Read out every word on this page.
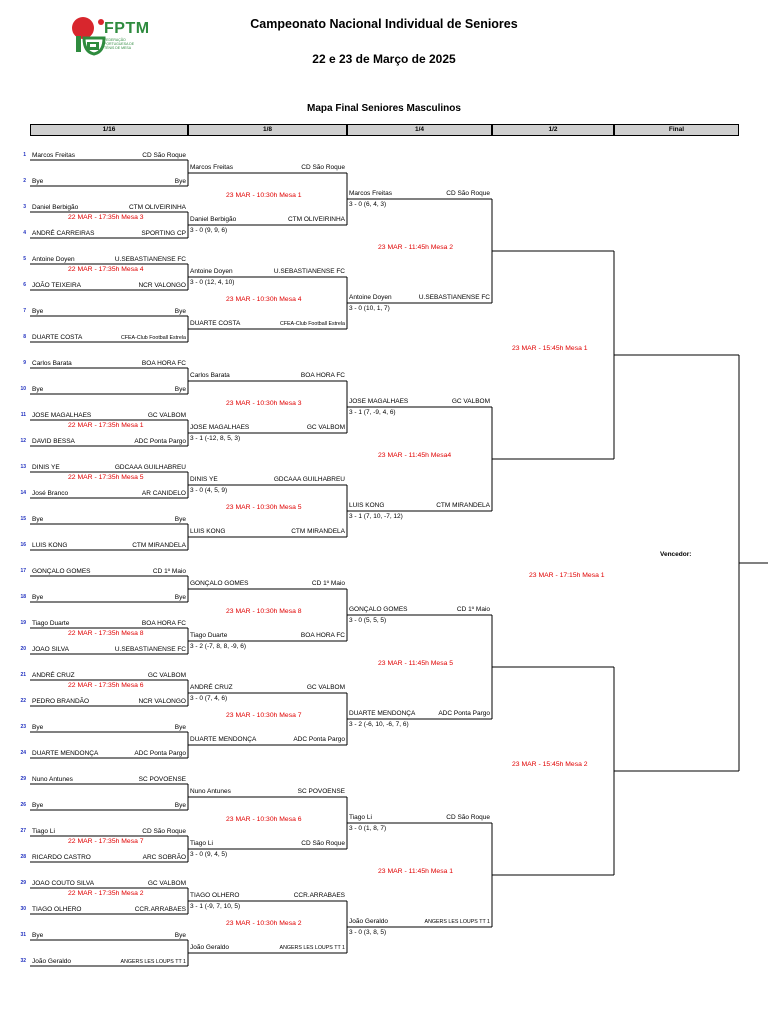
FPTM
FEDERAÇÃO PORTUGUESA DE TÉNIS DE MESA
Campeonato Nacional Individual de Seniores
22 e 23 de Março de 2025
Mapa Final Seniores Masculinos
1/16	1/8	1/4	1/2	Final
1 Marcos Freitas	CD São Roque
2 Bye	Bye
3 Daniel Berbigão	CTM OLIVEIRINHA
4 ANDRÉ CARREIRAS	SPORTING CP
5 Antoine Doyen	U.SEBASTIANENSE FC
6 JOÃO TEIXEIRA	NCR VALONGO
7 Bye	Bye
8 DUARTE COSTA	CFEA-Club Football Estrela
9 Carlos Barata	BOA HORA FC
10 Bye	Bye
11 JOSE MAGALHAES	GC VALBOM
12 DAVID BESSA	ADC Ponta Pargo
13 DINIS YE	GDCAAA GUILHABREU
14 José Branco	AR CANIDELO
15 Bye	Bye
16 LUIS KONG	CTM MIRANDELA
17 GONÇALO GOMES	CD 1º Maio
18 Bye	Bye
19 Tiago Duarte	BOA HORA FC
20 JOAO SILVA	U.SEBASTIANENSE FC
21 ANDRÉ CRUZ	GC VALBOM
22 PEDRO BRANDÃO	NCR VALONGO
23 Bye	Bye
24 DUARTE MENDONÇA	ADC Ponta Pargo
29 Nuno Antunes	SC POVOENSE
26 Bye	Bye
27 Tiago Li	CD São Roque
28 RICARDO CASTRO	ARC SOBRÃO
29 JOAO COUTO SILVA	GC VALBOM
30 TIAGO OLHERO	CCR.ARRABAES
31 Bye	Bye
32 João Geraldo	ANGERS LES LOUPS TT 1
22 MAR - 17:35h Mesa 3
22 MAR - 17:35h Mesa 4
22 MAR - 17:35h Mesa 1
22 MAR - 17:35h Mesa 5
22 MAR - 17:35h Mesa 8
22 MAR - 17:35h Mesa 6
22 MAR - 17:35h Mesa 7
22 MAR - 17:35h Mesa 2
Marcos Freitas	CD São Roque
Daniel Berbigão	CTM OLIVEIRINHA
3 - 0 (9, 9, 6)
Antoine Doyen	U.SEBASTIANENSE FC
3 - 0 (12, 4, 10)
DUARTE COSTA	CFEA-Club Football Estrela
Carlos Barata	BOA HORA FC
JOSE MAGALHAES	GC VALBOM
3 - 1 (-12, 8, 5, 3)
DINIS YE	GDCAAA GUILHABREU
3 - 0 (4, 5, 9)
LUIS KONG	CTM MIRANDELA
GONÇALO GOMES	CD 1º Maio
Tiago Duarte	BOA HORA FC
3 - 2 (-7, 8, 8, -9, 6)
ANDRÉ CRUZ	GC VALBOM
3 - 0 (7, 4, 6)
DUARTE MENDONÇA	ADC Ponta Pargo
Nuno Antunes	SC POVOENSE
Tiago Li	CD São Roque
3 - 0 (9, 4, 5)
TIAGO OLHERO	CCR.ARRABAES
3 - 1 (-9, 7, 10, 5)
João Geraldo	ANGERS LES LOUPS TT 1
23 MAR - 10:30h Mesa 1
23 MAR - 10:30h Mesa 4
23 MAR - 10:30h Mesa 3
23 MAR - 10:30h Mesa 5
23 MAR - 10:30h Mesa 8
23 MAR - 10:30h Mesa 7
23 MAR - 10:30h Mesa 6
23 MAR - 10:30h Mesa 2
Marcos Freitas	CD São Roque
3 - 0 (6, 4, 3)
Antoine Doyen	U.SEBASTIANENSE FC
3 - 0 (10, 1, 7)
JOSE MAGALHAES	GC VALBOM
3 - 1 (7, -9, 4, 6)
LUIS KONG	CTM MIRANDELA
3 - 1 (7, 10, -7, 12)
GONÇALO GOMES	CD 1º Maio
3 - 0 (5, 5, 5)
DUARTE MENDONÇA	ADC Ponta Pargo
3 - 2 (-6, 10, -6, 7, 6)
Tiago Li	CD São Roque
3 - 0 (1, 8, 7)
João Geraldo	ANGERS LES LOUPS TT 1
3 - 0 (3, 8, 5)
23 MAR - 11:45h Mesa 2
23 MAR - 11:45h Mesa4
23 MAR - 11:45h Mesa 5
23 MAR - 11:45h Mesa 1
23 MAR - 15:45h Mesa 1
23 MAR - 15:45h Mesa 2
23 MAR - 17:15h Mesa 1
Vencedor:
